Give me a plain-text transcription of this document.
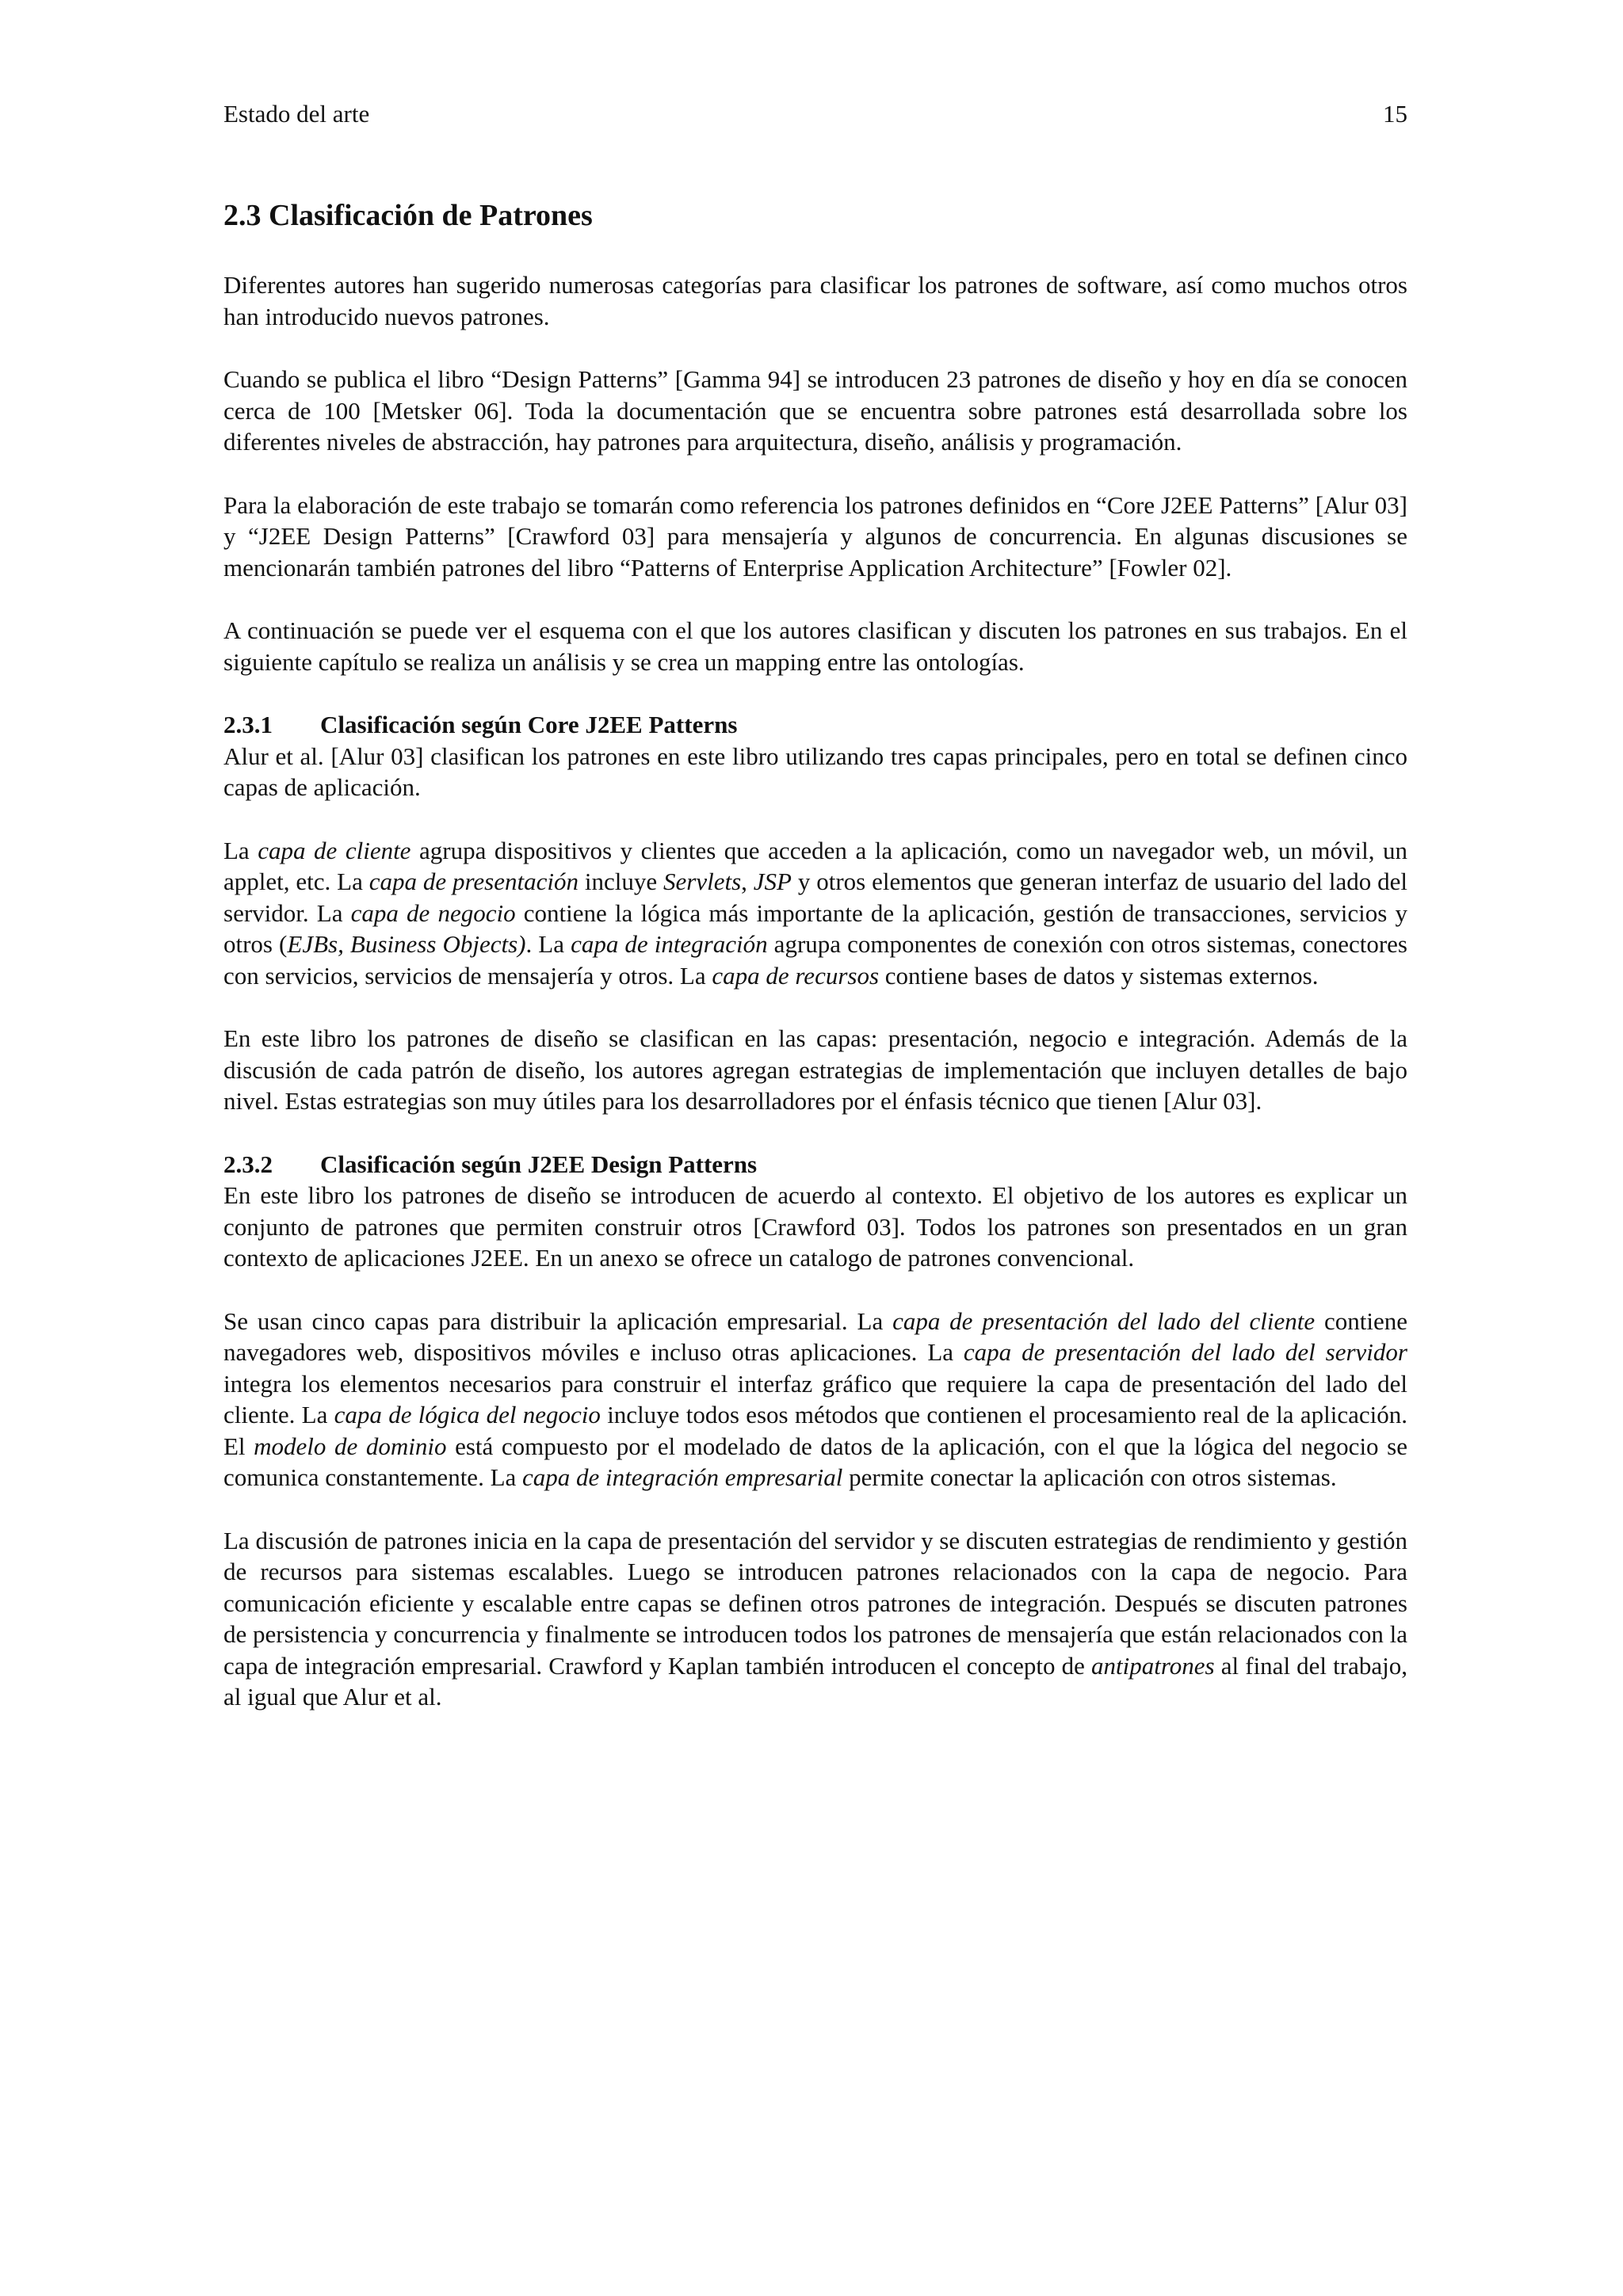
Estado del arte	15
2.3 Clasificación de Patrones

Diferentes autores han sugerido numerosas categorías para clasificar los patrones de software, así como muchos otros han introducido nuevos patrones.

Cuando se publica el libro “Design Patterns” [Gamma 94] se introducen 23 patrones de diseño y hoy en día se conocen cerca de 100 [Metsker 06]. Toda la documentación que se encuentra sobre patrones está desarrollada sobre los diferentes niveles de abstracción, hay patrones para arquitectura, diseño, análisis y programación.

Para la elaboración de este trabajo se tomarán como referencia los patrones definidos en “Core J2EE Patterns” [Alur 03] y “J2EE Design Patterns” [Crawford 03] para mensajería y algunos de concurrencia. En algunas discusiones se mencionarán también patrones del libro “Patterns of Enterprise Application Architecture” [Fowler 02].

A continuación se puede ver el esquema con el que los autores clasifican y discuten los patrones en sus trabajos. En el siguiente capítulo se realiza un análisis y se crea un mapping entre las ontologías.

2.3.1	Clasificación según Core J2EE Patterns

Alur et al. [Alur 03] clasifican los patrones en este libro utilizando tres capas principales, pero en total se definen cinco capas de aplicación.

La capa de cliente agrupa dispositivos y clientes que acceden a la aplicación, como un navegador web, un móvil, un applet, etc. La capa de presentación incluye Servlets, JSP y otros elementos que generan interfaz de usuario del lado del servidor. La capa de negocio contiene la lógica más importante de la aplicación, gestión de transacciones, servicios y otros (EJBs, Business Objects). La capa de integración agrupa componentes de conexión con otros sistemas, conectores con servicios, servicios de mensajería y otros. La capa de recursos contiene bases de datos y sistemas externos.

En este libro los patrones de diseño se clasifican en las capas: presentación, negocio e integración. Además de la discusión de cada patrón de diseño, los autores agregan estrategias de implementación que incluyen detalles de bajo nivel. Estas estrategias son muy útiles para los desarrolladores por el énfasis técnico que tienen [Alur 03].

2.3.2	Clasificación según J2EE Design Patterns

En este libro los patrones de diseño se introducen de acuerdo al contexto. El objetivo de los autores es explicar un conjunto de patrones que permiten construir otros [Crawford 03]. Todos los patrones son presentados en un gran contexto de aplicaciones J2EE. En un anexo se ofrece un catalogo de patrones convencional.

Se usan cinco capas para distribuir la aplicación empresarial. La capa de presentación del lado del cliente contiene navegadores web, dispositivos móviles e incluso otras aplicaciones. La capa de presentación del lado del servidor integra los elementos necesarios para construir el interfaz gráfico que requiere la capa de presentación del lado del cliente. La capa de lógica del negocio incluye todos esos métodos que contienen el procesamiento real de la aplicación. El modelo de dominio está compuesto por el modelado de datos de la aplicación, con el que la lógica del negocio se comunica constantemente. La capa de integración empresarial permite conectar la aplicación con otros sistemas.

La discusión de patrones inicia en la capa de presentación del servidor y se discuten estrategias de rendimiento y gestión de recursos para sistemas escalables. Luego se introducen patrones relacionados con la capa de negocio. Para comunicación eficiente y escalable entre capas se definen otros patrones de integración. Después se discuten patrones de persistencia y concurrencia y finalmente se introducen todos los patrones de mensajería que están relacionados con la capa de integración empresarial. Crawford y Kaplan también introducen el concepto de antipatrones al final del trabajo, al igual que Alur et al.
